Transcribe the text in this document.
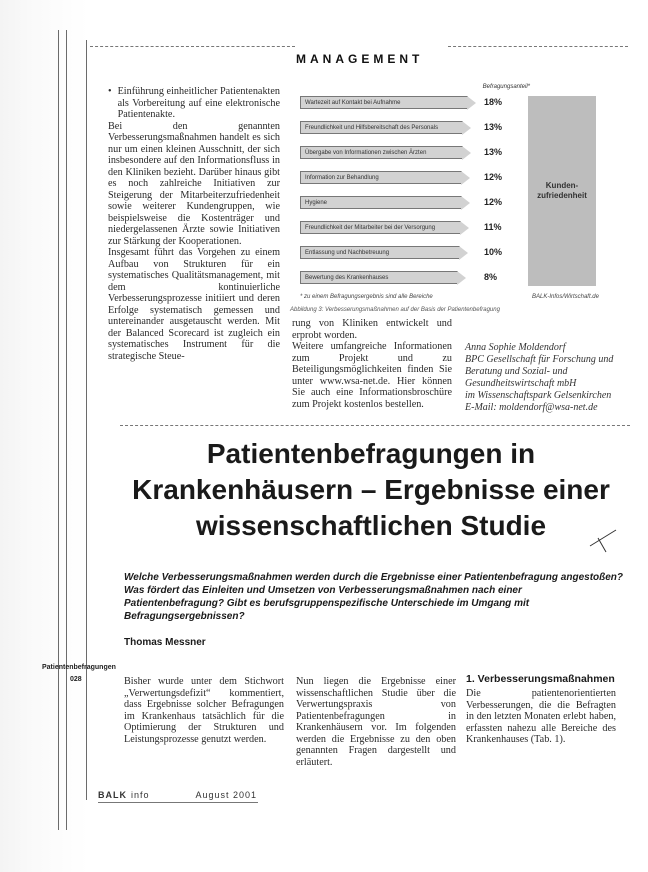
MANAGEMENT
• Einführung einheitlicher Patientenakten als Vorbereitung auf eine elektronische Patientenakte.

Bei den genannten Verbesserungsmaßnahmen handelt es sich nur um einen kleinen Ausschnitt, der sich insbesondere auf den Informationsfluss in den Kliniken bezieht. Darüber hinaus gibt es noch zahlreiche Initiativen zur Steigerung der Mitarbeiterzufriedenheit sowie weiterer Kundengruppen, wie beispielsweise die Kostenträger und niedergelassenen Ärzte sowie Initiativen zur Stärkung der Kooperationen.

Insgesamt führt das Vorgehen zu einem Aufbau von Strukturen für ein systematisches Qualitätsmanagement, mit dem kontinuierliche Verbesserungsprozesse initiiert und deren Erfolge systematisch gemessen und untereinander ausgetauscht werden. Mit der Balanced Scorecard ist zugleich ein systematisches Instrument für die strategische Steue-

Befragungsanteil*
Wartezeit auf Kontakt bei Aufnahme	18%
Freundlichkeit und Hilfsbereitschaft des Personals	13%
Übergabe von Informationen zwischen Ärzten	13%
Information zur Behandlung	12%
Hygiene	12%
Freundlichkeit der Mitarbeiter bei der Versorgung	11%
Entlassung und Nachbetreuung	10%
Bewertung des Krankenhauses	8%
Kunden-zufriedenheit
* zu einem Befragungsergebnis sind alle Bereiche	BALK-Infos/Wirtschaft.de
Abbildung 3: Verbesserungsmaßnahmen auf der Basis der Patientenbefragung

rung von Kliniken entwickelt und erprobt worden.

Weitere umfangreiche Informationen zum Projekt und zu Beteiligungsmöglichkeiten finden Sie unter www.wsa-net.de. Hier können Sie auch eine Informationsbroschüre zum Projekt kostenlos bestellen.

Anna Sophie Moldendorf
BPC Gesellschaft für Forschung und Beratung und Sozial- und Gesundheitswirtschaft mbH
im Wissenschaftspark Gelsenkirchen
E-Mail: moldendorf@wsa-net.de
Patientenbefragungen in Krankenhäusern – Ergebnisse einer wissenschaftlichen Studie
Welche Verbesserungsmaßnahmen werden durch die Ergebnisse einer Patientenbefragung angestoßen? Was fördert das Einleiten und Umsetzen von Verbesserungsmaßnahmen nach einer Patientenbefragung? Gibt es berufsgruppenspezifische Unterschiede im Umgang mit Befragungsergebnissen?
Thomas Messner
Patientenbefragungen
028	Bisher wurde unter dem Stichwort „Verwertungsdefizit“ kommentiert, dass Ergebnisse solcher Befragungen im Krankenhaus tatsächlich für die Optimierung der Strukturen und Leistungsprozesse genutzt werden.
Nun liegen die Ergebnisse einer wissenschaftlichen Studie über die Verwertungspraxis von Patientenbefragungen in Krankenhäusern vor. Im folgenden werden die Ergebnisse zu den oben genannten Fragen dargestellt und erläutert.
1. Verbesserungsmaßnahmen
Die patientenorientierten Verbesserungen, die die Befragten in den letzten Monaten erlebt haben, erfassten nahezu alle Bereiche des Krankenhauses (Tab. 1).
BALK info	August 2001
